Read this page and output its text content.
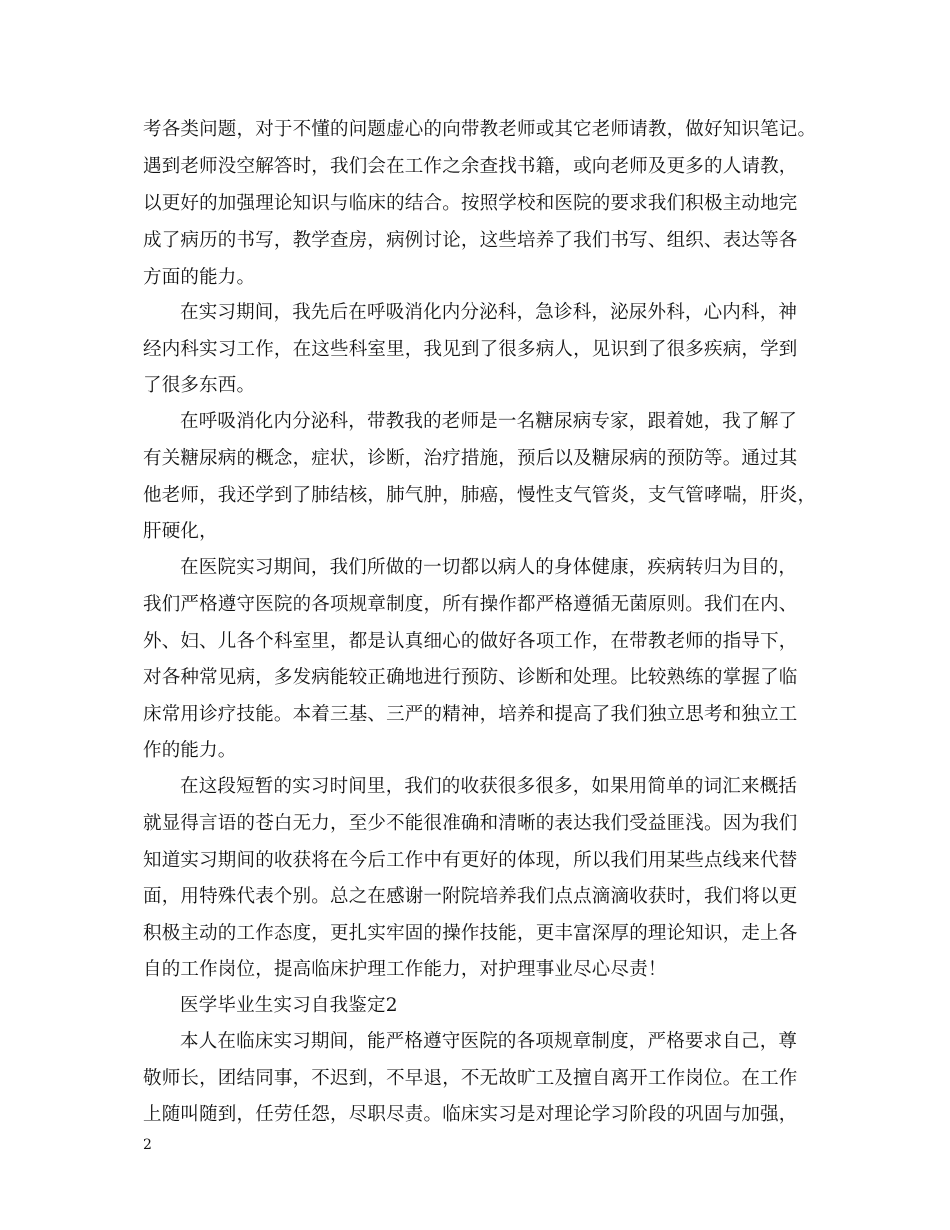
考各类问题，对于不懂的问题虚心的向带教老师或其它老师请教，做好知识笔记。
遇到老师没空解答时，我们会在工作之余查找书籍，或向老师及更多的人请教，
以更好的加强理论知识与临床的结合。按照学校和医院的要求我们积极主动地完
成了病历的书写，教学查房，病例讨论，这些培养了我们书写、组织、表达等各
方面的能力。
在实习期间，我先后在呼吸消化内分泌科，急诊科，泌尿外科，心内科，神
经内科实习工作，在这些科室里，我见到了很多病人，见识到了很多疾病，学到
了很多东西。
在呼吸消化内分泌科，带教我的老师是一名糖尿病专家，跟着她，我了解了
有关糖尿病的概念，症状，诊断，治疗措施，预后以及糖尿病的预防等。通过其
他老师，我还学到了肺结核，肺气肿，肺癌，慢性支气管炎，支气管哮喘，肝炎，
肝硬化，
在医院实习期间，我们所做的一切都以病人的身体健康，疾病转归为目的，
我们严格遵守医院的各项规章制度，所有操作都严格遵循无菌原则。我们在内、
外、妇、儿各个科室里，都是认真细心的做好各项工作，在带教老师的指导下，
对各种常见病，多发病能较正确地进行预防、诊断和处理。比较熟练的掌握了临
床常用诊疗技能。本着三基、三严的精神，培养和提高了我们独立思考和独立工
作的能力。
在这段短暂的实习时间里，我们的收获很多很多，如果用简单的词汇来概括
就显得言语的苍白无力，至少不能很准确和清晰的表达我们受益匪浅。因为我们
知道实习期间的收获将在今后工作中有更好的体现，所以我们用某些点线来代替
面，用特殊代表个别。总之在感谢一附院培养我们点点滴滴收获时，我们将以更
积极主动的工作态度，更扎实牢固的操作技能，更丰富深厚的理论知识，走上各
自的工作岗位，提高临床护理工作能力，对护理事业尽心尽责！
医学毕业生实习自我鉴定2
本人在临床实习期间，能严格遵守医院的各项规章制度，严格要求自己，尊
敬师长，团结同事，不迟到，不早退，不无故旷工及擅自离开工作岗位。在工作
上随叫随到，任劳任怨，尽职尽责。临床实习是对理论学习阶段的巩固与加强，
2
